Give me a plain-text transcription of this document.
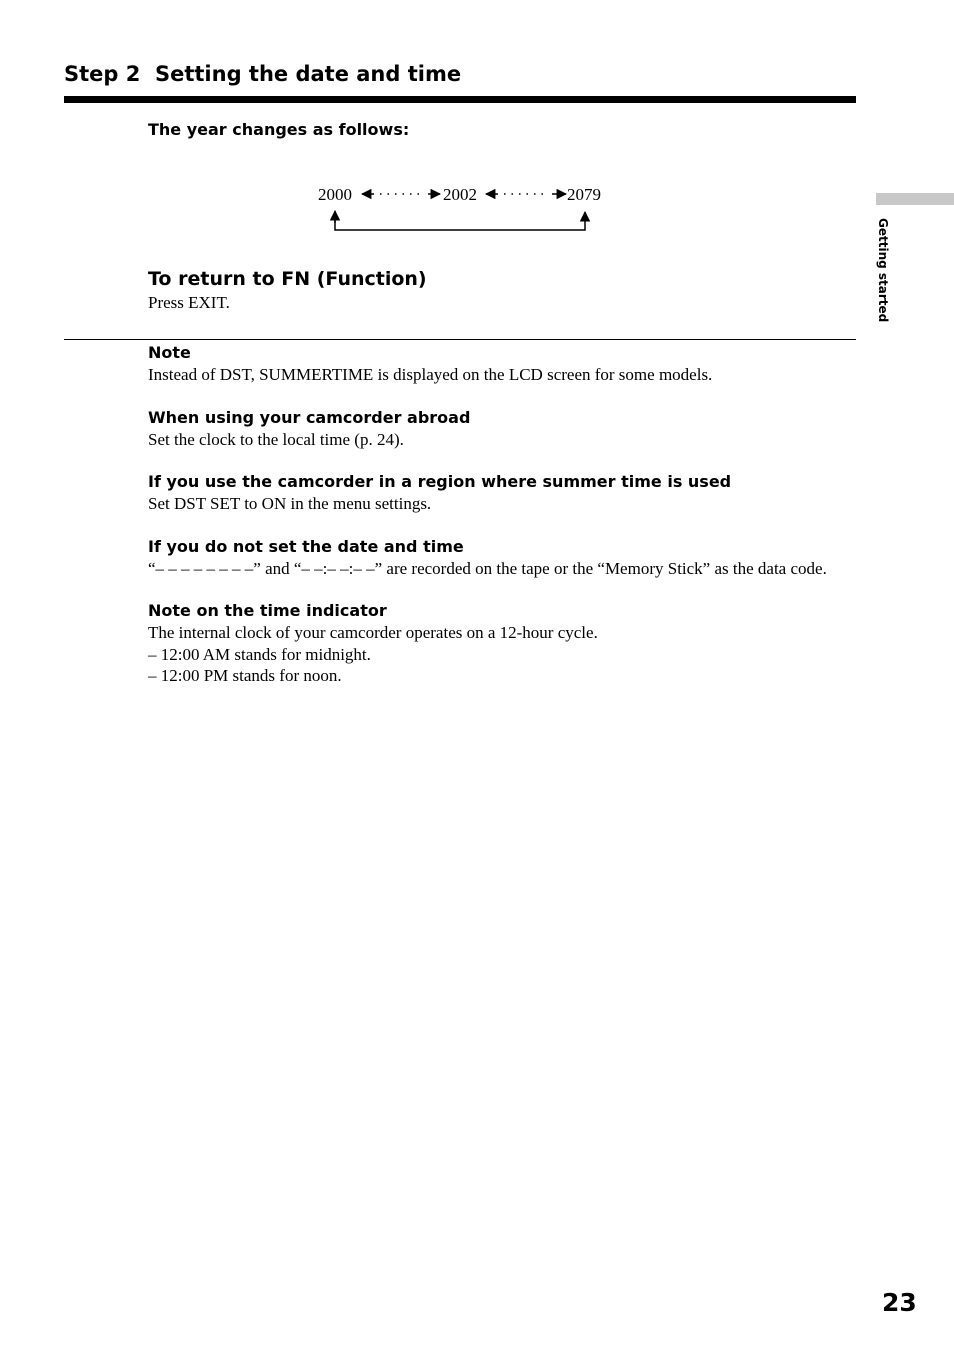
Step 2  Setting the date and time
The year changes as follows:
2000	2002	2079
To return to FN (Function)
Press EXIT.

Note

Instead of DST, SUMMERTIME is displayed on the LCD screen for some models.

When using your camcorder abroad

Set the clock to the local time (p. 24).

If you use the camcorder in a region where summer time is used

Set DST SET to ON in the menu settings.

If you do not set the date and time

“– – – – – – – –” and “– –:– –:– –” are recorded on the tape or the “Memory Stick” as the data code.

Note on the time indicator

The internal clock of your camcorder operates on a 12-hour cycle.
– 12:00 AM stands for midnight.
– 12:00 PM stands for noon.

Getting started
23
